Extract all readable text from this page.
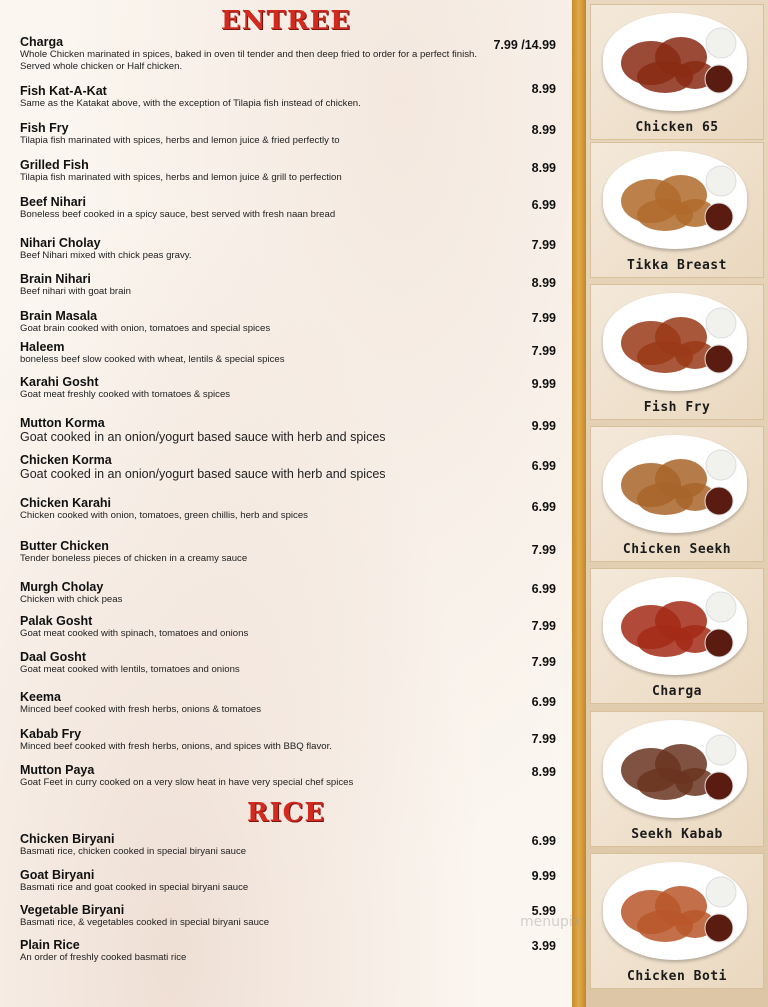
ENTREE
RICE
Charga
Whole Chicken marinated in spices, baked in oven til tender and then deep fried to order for a perfect finish. Served whole chicken or Half chicken.
7.99 /14.99
Fish Kat-A-Kat
Same as the Katakat above, with the exception of Tilapia fish instead of chicken.
8.99
Fish Fry
Tilapia fish marinated with spices, herbs and lemon juice & fried perfectly to
8.99
Grilled Fish
Tilapia fish marinated with spices, herbs and lemon juice & grill to perfection
8.99
Beef Nihari
Boneless beef cooked in a spicy sauce, best served with fresh naan bread
6.99
Nihari Cholay
Beef Nihari mixed with chick peas gravy.
7.99
Brain Nihari
Beef nihari with goat brain
8.99
Brain Masala
Goat brain cooked with onion, tomatoes and special spices
7.99
Haleem
boneless beef slow cooked with wheat, lentils & special spices
7.99
Karahi Gosht
Goat meat freshly cooked with tomatoes & spices
9.99
Mutton Korma
Goat cooked in an onion/yogurt based sauce with herb and spices
9.99
Chicken Korma
Goat cooked in an onion/yogurt based sauce with herb and spices
6.99
Chicken Karahi
Chicken cooked with onion, tomatoes, green chillis, herb and spices
6.99
Butter Chicken
Tender boneless pieces of chicken in a creamy sauce
7.99
Murgh Cholay
Chicken with chick peas
6.99
Palak Gosht
Goat meat cooked with spinach, tomatoes and onions
7.99
Daal Gosht
Goat meat cooked with lentils, tomatoes and onions
7.99
Keema
Minced beef cooked with fresh herbs, onions & tomatoes
6.99
Kabab Fry
Minced beef cooked with fresh herbs, onions, and spices with BBQ flavor.
7.99
Mutton Paya
Goat Feet in curry cooked on a very slow heat in have very special chef spices
8.99
Chicken Biryani
Basmati rice, chicken cooked in special biryani sauce
6.99
Goat Biryani
Basmati rice and goat cooked in special biryani sauce
9.99
Vegetable Biryani
Basmati rice, & vegetables cooked in special biryani sauce
5.99
Plain Rice
An order of freshly cooked basmati rice
3.99
menupix
Chicken 65
Tikka Breast
Fish Fry
Chicken Seekh
Charga
Seekh Kabab
Chicken Boti
